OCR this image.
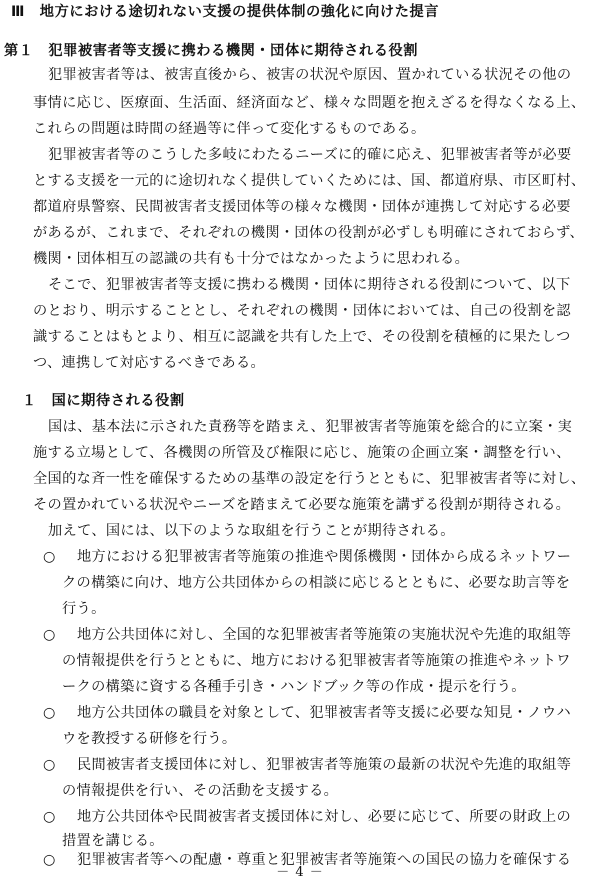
Ⅲ　地方における途切れない支援の提供体制の強化に向けた提言
第１　犯罪被害者等支援に携わる機関・団体に期待される役割
犯罪被害者等は、被害直後から、被害の状況や原因、置かれている状況その他の
事情に応じ、医療面、生活面、経済面など、様々な問題を抱えざるを得なくなる上、
これらの問題は時間の経過等に伴って変化するものである。
犯罪被害者等のこうした多岐にわたるニーズに的確に応え、犯罪被害者等が必要
とする支援を一元的に途切れなく提供していくためには、国、都道府県、市区町村、
都道府県警察、民間被害者支援団体等の様々な機関・団体が連携して対応する必要
があるが、これまで、それぞれの機関・団体の役割が必ずしも明確にされておらず、
機関・団体相互の認識の共有も十分ではなかったように思われる。
そこで、犯罪被害者等支援に携わる機関・団体に期待される役割について、以下
のとおり、明示することとし、それぞれの機関・団体においては、自己の役割を認
識することはもとより、相互に認識を共有した上で、その役割を積極的に果たしつ
つ、連携して対応するべきである。
１　国に期待される役割
国は、基本法に示された責務等を踏まえ、犯罪被害者等施策を総合的に立案・実
施する立場として、各機関の所管及び権限に応じ、施策の企画立案・調整を行い、
全国的な斉一性を確保するための基準の設定を行うとともに、犯罪被害者等に対し、
その置かれている状況やニーズを踏まえて必要な施策を講ずる役割が期待される。
加えて、国には、以下のような取組を行うことが期待される。
○ 地方における犯罪被害者等施策の推進や関係機関・団体から成るネットワー
クの構築に向け、地方公共団体からの相談に応じるとともに、必要な助言等を
行う。
○ 地方公共団体に対し、全国的な犯罪被害者等施策の実施状況や先進的取組等
の情報提供を行うとともに、地方における犯罪被害者等施策の推進やネットワ
ークの構築に資する各種手引き・ハンドブック等の作成・提示を行う。
○ 地方公共団体の職員を対象として、犯罪被害者等支援に必要な知見・ノウハ
ウを教授する研修を行う。
○ 民間被害者支援団体に対し、犯罪被害者等施策の最新の状況や先進的取組等
の情報提供を行い、その活動を支援する。
○ 地方公共団体や民間被害者支援団体に対し、必要に応じて、所要の財政上の
措置を講じる。
○ 犯罪被害者等への配慮・尊重と犯罪被害者等施策への国民の協力を確保する
－ 4 －
